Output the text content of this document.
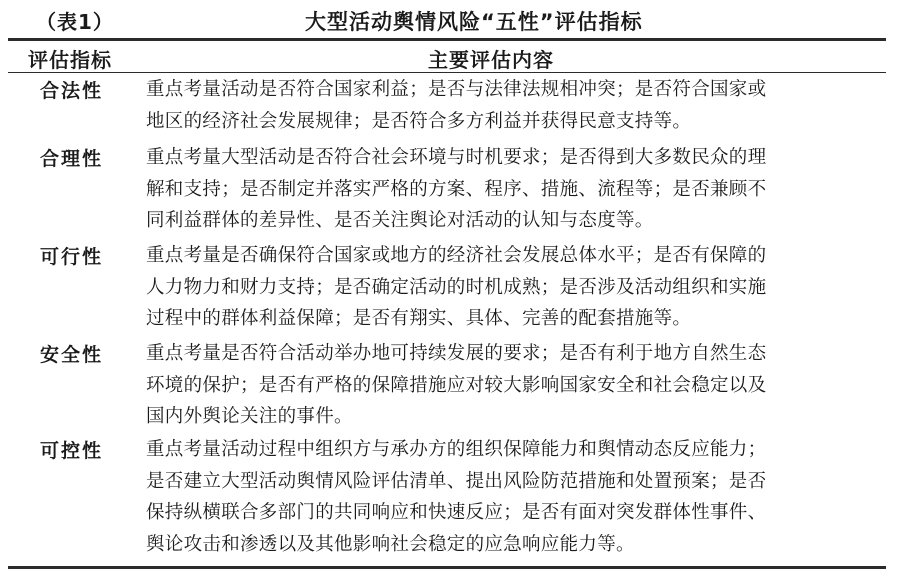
（表1）	大型活动舆情风险“五性”评估指标
评估指标	主要评估内容
合法性 重点考量活动是否符合国家利益；是否与法律法规相冲突；是否符合国家或
地区的经济社会发展规律；是否符合多方利益并获得民意支持等。
合理性 重点考量大型活动是否符合社会环境与时机要求；是否得到大多数民众的理
解和支持；是否制定并落实严格的方案、程序、措施、流程等；是否兼顾不
同利益群体的差异性、是否关注舆论对活动的认知与态度等。
可行性 重点考量是否确保符合国家或地方的经济社会发展总体水平；是否有保障的
人力物力和财力支持；是否确定活动的时机成熟；是否涉及活动组织和实施
过程中的群体利益保障；是否有翔实、具体、完善的配套措施等。
安全性 重点考量是否符合活动举办地可持续发展的要求；是否有利于地方自然生态
环境的保护；是否有严格的保障措施应对较大影响国家安全和社会稳定以及
国内外舆论关注的事件。
可控性 重点考量活动过程中组织方与承办方的组织保障能力和舆情动态反应能力；
是否建立大型活动舆情风险评估清单、提出风险防范措施和处置预案；是否
保持纵横联合多部门的共同响应和快速反应；是否有面对突发群体性事件、
舆论攻击和渗透以及其他影响社会稳定的应急响应能力等。
